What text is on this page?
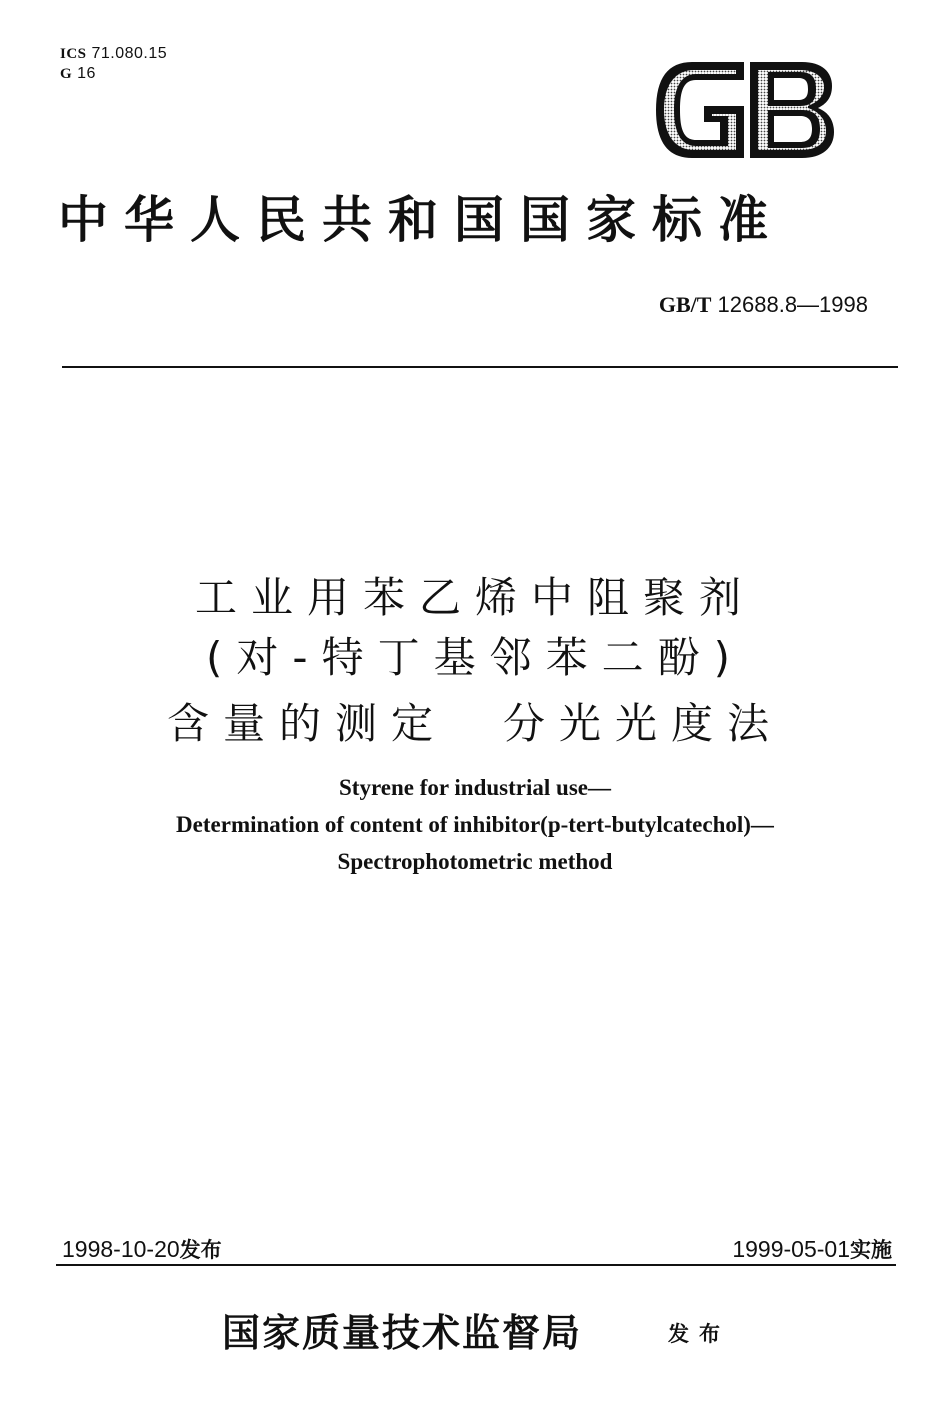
ICS 71.080.15
G 16
中华人民共和国国家标准
GB/T 12688.8—1998
工业用苯乙烯中阻聚剂
(对-特丁基邻苯二酚)
含量的测定　分光光度法
Styrene for industrial use—
Determination of content of inhibitor(p-tert-butylcatechol)—
Spectrophotometric method
1998-10-20发布	1999-05-01实施
国家质量技术监督局	发布
